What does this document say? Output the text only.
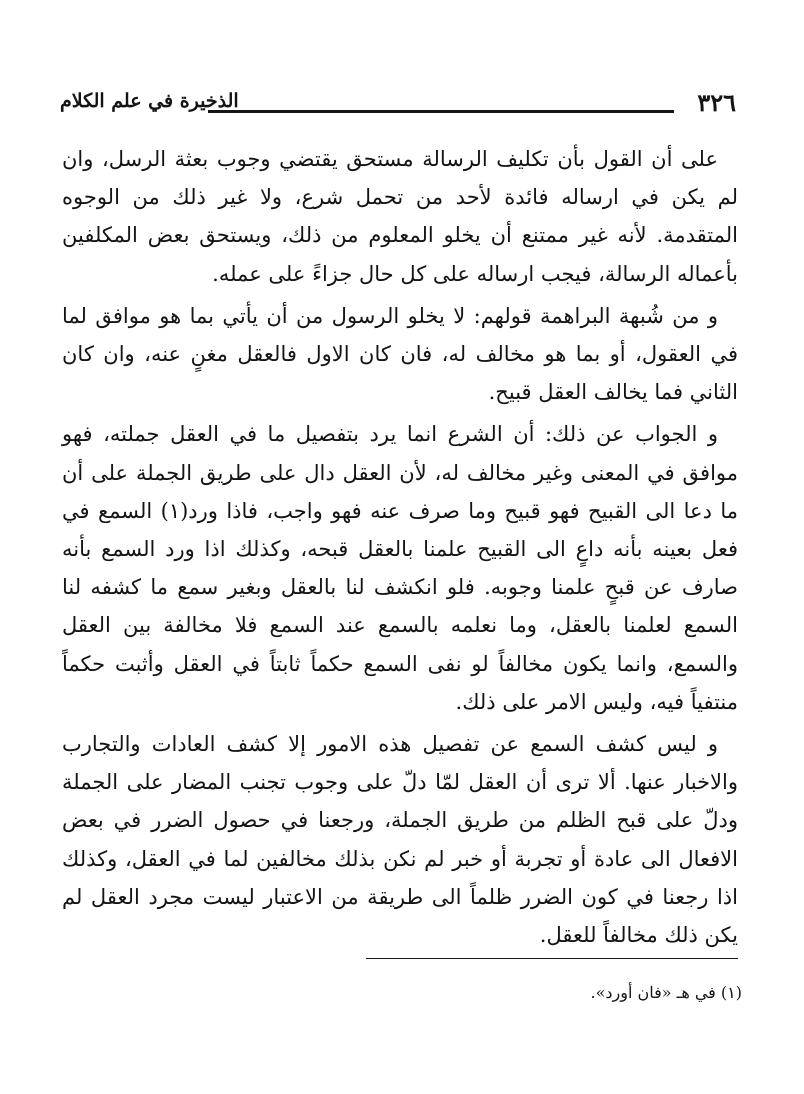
٣٢٦
الذخيرة في علم الكلام

على أن القول بأن تكليف الرسالة مستحق يقتضي وجوب بعثة الرسل، وان لم يكن في ارساله فائدة لأحد من تحمل شرع، ولا غير ذلك من الوجوه المتقدمة. لأنه غير ممتنع أن يخلو المعلوم من ذلك، ويستحق بعض المكلفين بأعماله الرسالة، فيجب ارساله على كل حال جزاءً على عمله.

و من شُبهة البراهمة قولهم: لا يخلو الرسول من أن يأتي بما هو موافق لما في العقول، أو بما هو مخالف له، فان كان الاول فالعقل مغنٍ عنه، وان كان الثاني فما يخالف العقل قبيح.

و الجواب عن ذلك: أن الشرع انما يرد بتفصيل ما في العقل جملته، فهو موافق في المعنى وغير مخالف له، لأن العقل دال على طريق الجملة على أن ما دعا الى القبيح فهو قبيح وما صرف عنه فهو واجب، فاذا ورد(١) السمع في فعل بعينه بأنه داعٍ الى القبيح علمنا بالعقل قبحه، وكذلك اذا ورد السمع بأنه صارف عن قبحٍ علمنا وجوبه. فلو انكشف لنا بالعقل وبغير سمع ما كشفه لنا السمع لعلمنا بالعقل، وما نعلمه بالسمع عند السمع فلا مخالفة بين العقل والسمع، وانما يكون مخالفاً لو نفى السمع حكماً ثابتاً في العقل وأثبت حكماً منتفياً فيه، وليس الامر على ذلك.

و ليس كشف السمع عن تفصيل هذه الامور إلا كشف العادات والتجارب والاخبار عنها. ألا ترى أن العقل لمّا دلّ على وجوب تجنب المضار على الجملة ودلّ على قبح الظلم من طريق الجملة، ورجعنا في حصول الضرر في بعض الافعال الى عادة أو تجربة أو خبر لم نكن بذلك مخالفين لما في العقل، وكذلك اذا رجعنا في كون الضرر ظلماً الى طريقة من الاعتبار ليست مجرد العقل لم يكن ذلك مخالفاً للعقل.

(١) في هـ «فان أورد».
